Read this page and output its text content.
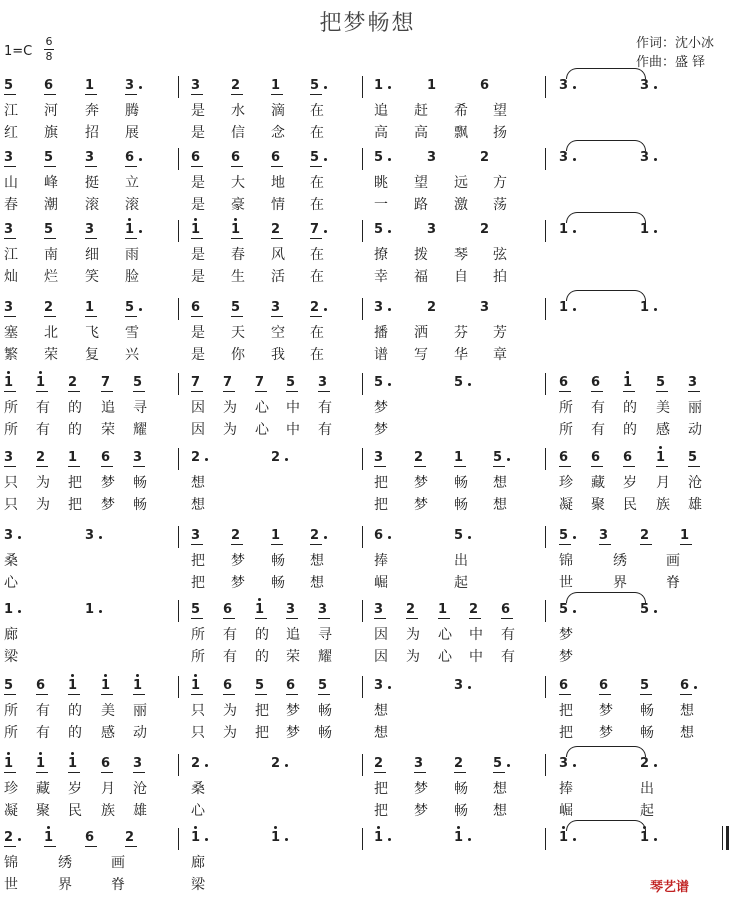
把梦畅想
1=C
6
8
作词：沈小冰
作曲：盛 铎
5 6 1 3	3 2 1 5	1	1	6	3	3
江 河 奔 腾	是 水 滴 在	追 赶 希 望
红 旗 招 展	是 信 念 在	高 高 飘 扬
3 5 3 6	6 6 6 5	5	3	2	3	3
山 峰 挺 立	是 大 地 在	眺 望 远 方
春 潮 滚 滚	是 豪 情 在	一 路 激 荡
3 5 3 1	1 1 2 7	5	3	2	1	1
江 南 细 雨	是 春 风 在	撩 拨 琴 弦
灿 烂 笑 脸	是 生 活 在	幸 福 自 拍
3 2 1 5	6 5 3 2	3	2	3	1	1
塞 北 飞 雪	是 天 空 在	播 洒 芬 芳
繁 荣 复 兴	是 你 我 在	谱 写 华 章
1 1 2 7 5	7 7 7 5 3	5	5	6 6 1 5 3
所 有 的 追 寻	因 为 心 中 有	梦	所 有 的 美 丽
所 有 的 荣 耀	因 为 心 中 有	梦	所 有 的 感 动
3 2 1 6 3	2	2	3 2 1 5	6 6 6 1 5
只 为 把 梦 畅	想	把 梦 畅 想	珍 藏 岁 月 沧
只 为 把 梦 畅	想	把 梦 畅 想	凝 聚 民 族 雄
3	3	3 2 1 2	6	5	5 3 2 1
桑	把 梦 畅 想	捧	出	锦	绣	画
心	把 梦 畅 想	崛	起	世	界	脊
1	1	5 6 1 3 3	3 2 1 2 6	5	5
廊	所 有 的 追 寻	因 为 心 中 有	梦
梁	所 有 的 荣 耀	因 为 心 中 有	梦
5 6 1 1 1	1 6 5 6 5	3	3	6 6 5 6
所 有 的 美 丽	只 为 把 梦 畅	想	把 梦 畅 想
所 有 的 感 动	只 为 把 梦 畅	想	把 梦 畅 想
1 1 1 6 3	2	2	2 3 2 5	3	2
珍 藏 岁 月 沧	桑	把 梦 畅 想	捧	出
凝 聚 民 族 雄	心	把 梦 畅 想	崛	起
2 1 6 2	1	1	1	1	1	1
锦	绣	画	廊
世	界	脊	梁	琴艺谱
